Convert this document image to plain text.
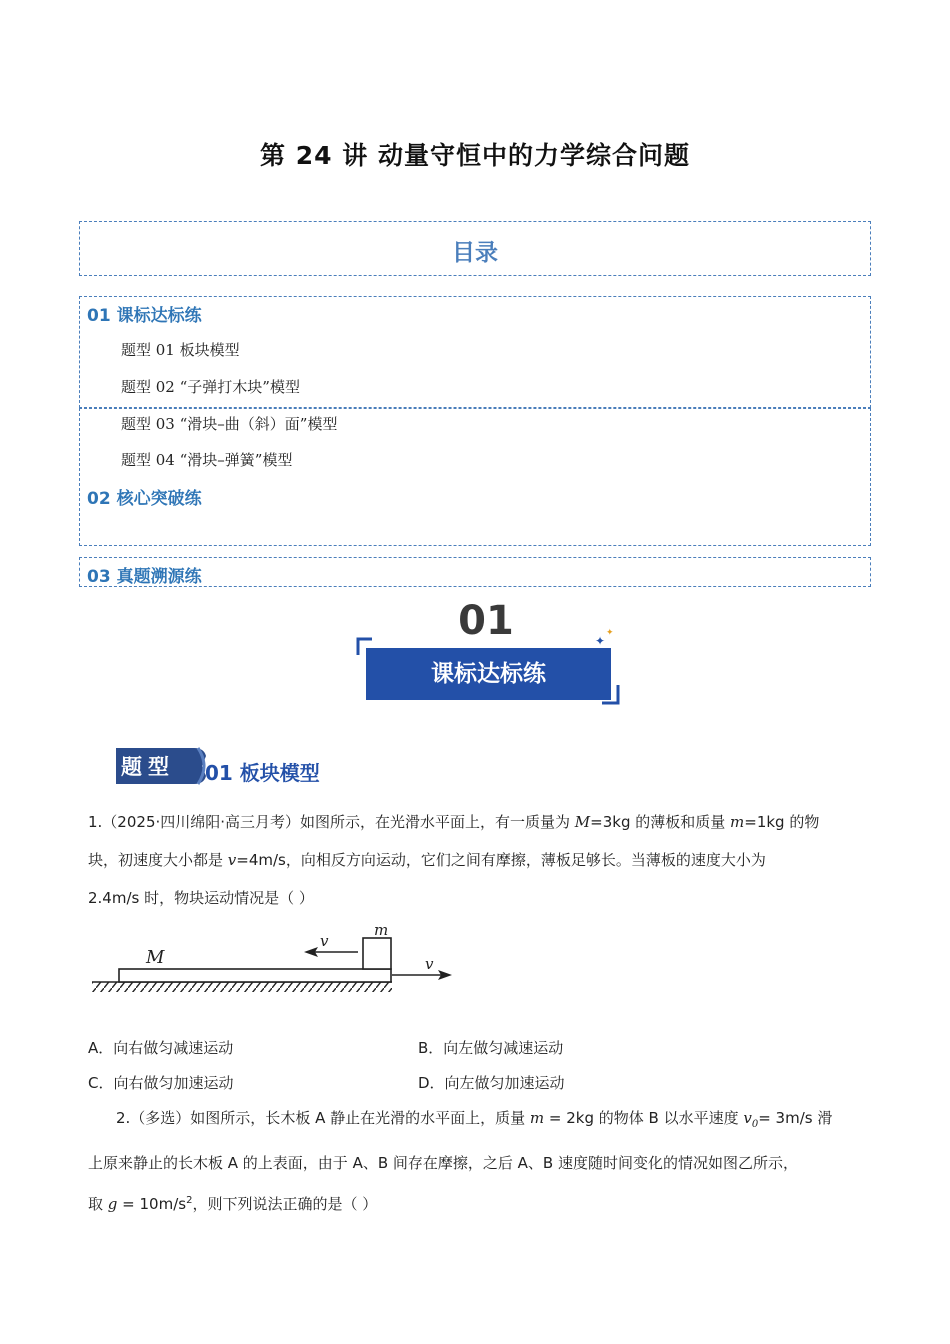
第 24 讲 动量守恒中的力学综合问题
目录
01 课标达标练
题型 01 板块模型
题型 02 “子弹打木块”模型
题型 03 “滑块–曲（斜）面”模型
题型 04 “滑块–弹簧”模型
02 核心突破练
03 真题溯源练
01	✦
✦
课标达标练
题型	01 板块模型
1.（2025·四川绵阳·高三月考）如图所示，在光滑水平面上，有一质量为 M=3kg 的薄板和质量 m=1kg 的物
块，初速度大小都是 v=4m/s，向相反方向运动，它们之间有摩擦，薄板足够长。当薄板的速度大小为
2.4m/s 时，物块运动情况是（ ）
M
m
v
v
A．向右做匀减速运动	B．向左做匀减速运动
C．向右做匀加速运动	D．向左做匀加速运动
2.（多选）如图所示，长木板 A 静止在光滑的水平面上，质量 m = 2kg 的物体 B 以水平速度 $v_0= 3m/s$ 滑
上原来静止的长木板 A 的上表面，由于 A、B 间存在摩擦，之后 A、B 速度随时间变化的情况如图乙所示，
取 $g = 10m/s^2$，则下列说法正确的是（ ）
